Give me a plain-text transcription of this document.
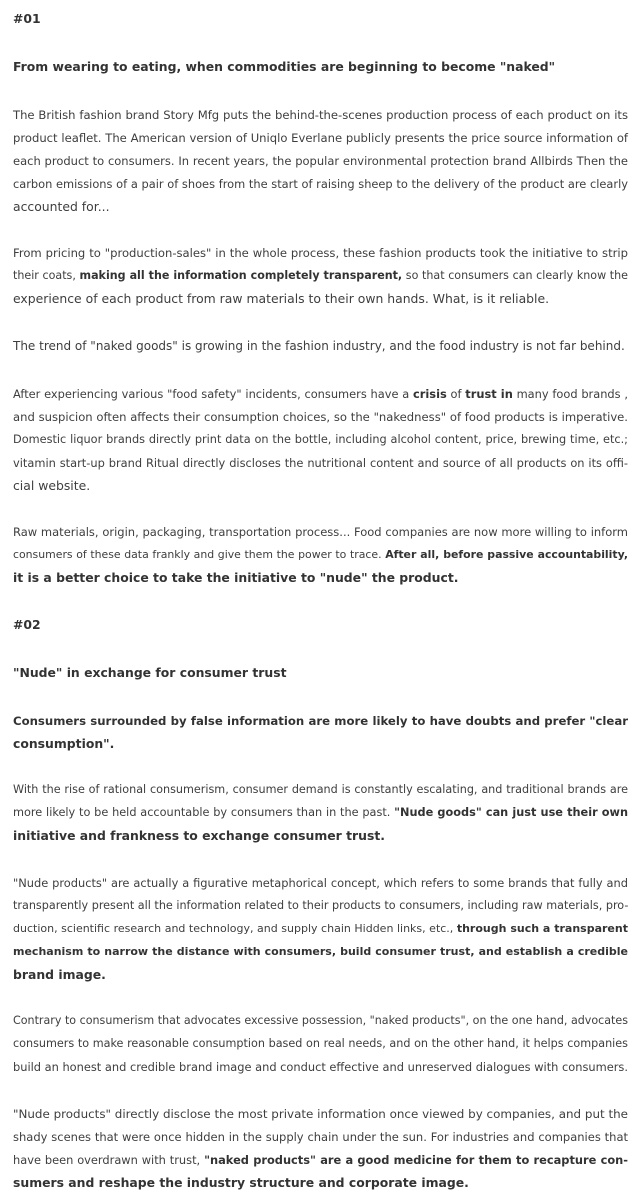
#01
From wearing to eating, when commodities are beginning to become "naked"
The British fashion brand Story Mfg puts the behind-the-scenes production process of each product on its
product leaflet. The American version of Uniqlo Everlane publicly presents the price source information of
each product to consumers. In recent years, the popular environmental protection brand Allbirds Then the
carbon emissions of a pair of shoes from the start of raising sheep to the delivery of the product are clearly
accounted for...
From pricing to "production-sales" in the whole process, these fashion products took the initiative to strip
their coats, making all the information completely transparent, so that consumers can clearly know the
experience of each product from raw materials to their own hands. What, is it reliable.
The trend of "naked goods" is growing in the fashion industry, and the food industry is not far behind.
After experiencing various "food safety" incidents, consumers have a crisis of trust in many food brands ,
and suspicion often affects their consumption choices, so the "nakedness" of food products is imperative.
Domestic liquor brands directly print data on the bottle, including alcohol content, price, brewing time, etc.;
vitamin start-up brand Ritual directly discloses the nutritional content and source of all products on its offi-
cial website.
Raw materials, origin, packaging, transportation process... Food companies are now more willing to inform
consumers of these data frankly and give them the power to trace. After all, before passive accountability,
it is a better choice to take the initiative to "nude" the product.
#02
"Nude" in exchange for consumer trust
Consumers surrounded by false information are more likely to have doubts and prefer "clear
consumption".
With the rise of rational consumerism, consumer demand is constantly escalating, and traditional brands are
more likely to be held accountable by consumers than in the past. "Nude goods" can just use their own
initiative and frankness to exchange consumer trust.
"Nude products" are actually a figurative metaphorical concept, which refers to some brands that fully and
transparently present all the information related to their products to consumers, including raw materials, pro-
duction, scientific research and technology, and supply chain Hidden links, etc., through such a transparent
mechanism to narrow the distance with consumers, build consumer trust, and establish a credible
brand image.
Contrary to consumerism that advocates excessive possession, "naked products", on the one hand, advocates
consumers to make reasonable consumption based on real needs, and on the other hand, it helps companies
build an honest and credible brand image and conduct effective and unreserved dialogues with consumers.
"Nude products" directly disclose the most private information once viewed by companies, and put the
shady scenes that were once hidden in the supply chain under the sun. For industries and companies that
have been overdrawn with trust, "naked products" are a good medicine for them to recapture con-
sumers and reshape the industry structure and corporate image.
